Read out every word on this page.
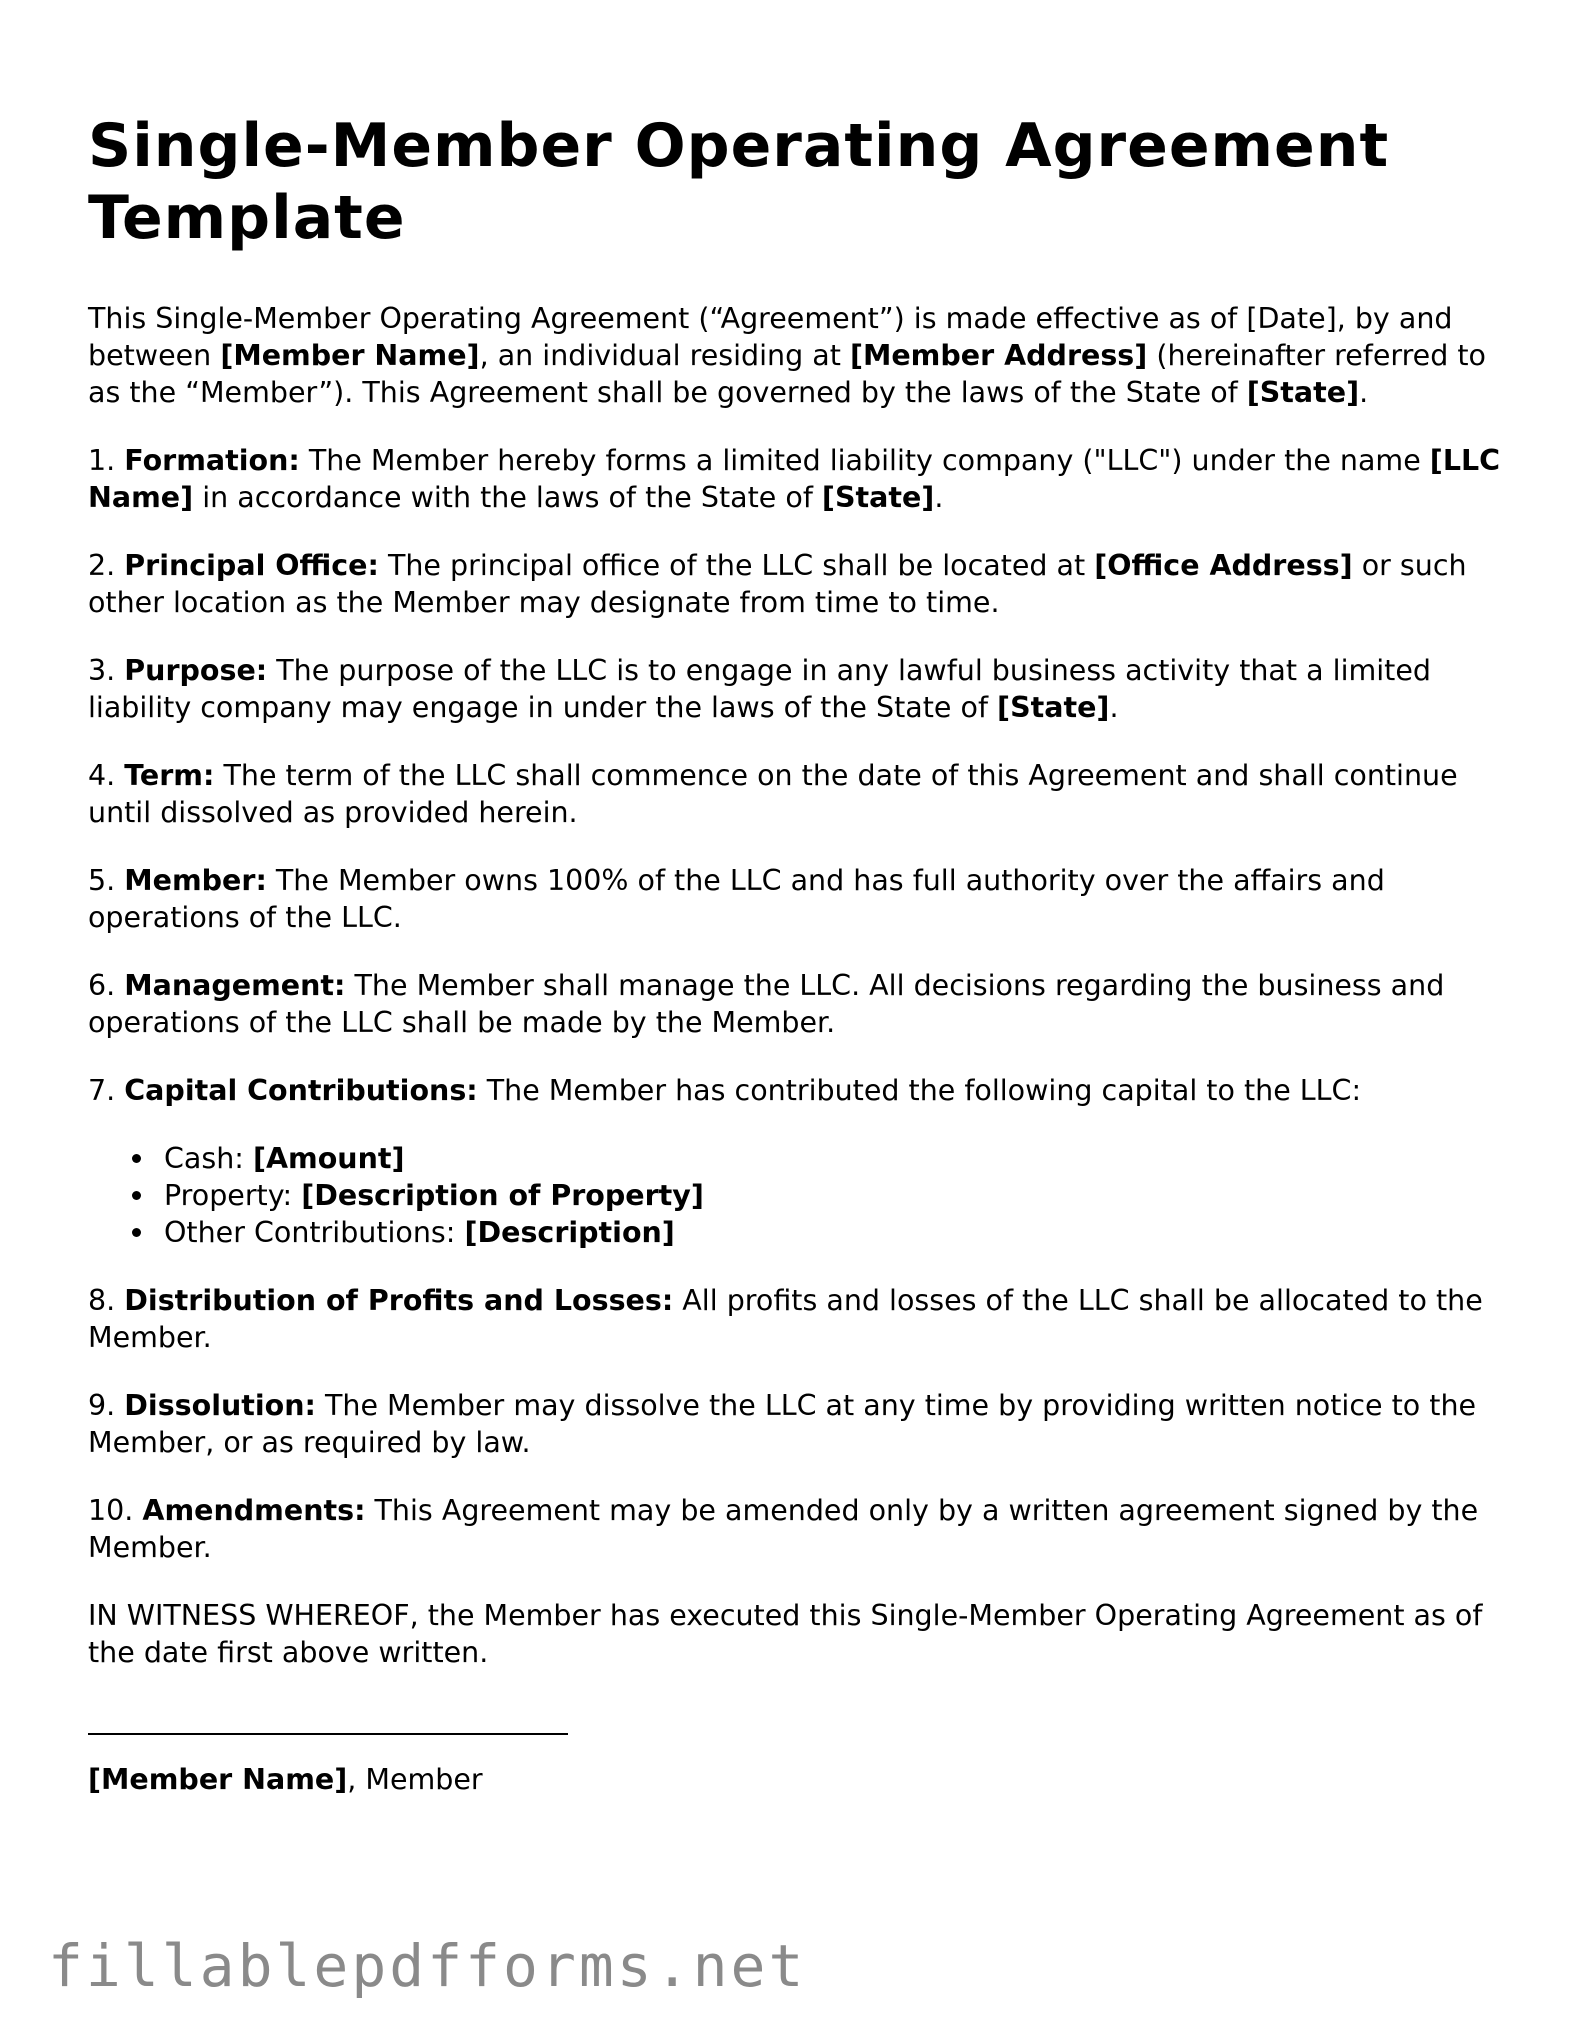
Single-Member Operating Agreement Template

This Single-Member Operating Agreement (“Agreement”) is made effective as of [Date], by and between [Member Name], an individual residing at [Member Address] (hereinafter referred to as the “Member”). This Agreement shall be governed by the laws of the State of [State].

1. Formation: The Member hereby forms a limited liability company ("LLC") under the name [LLC Name] in accordance with the laws of the State of [State].

2. Principal Office: The principal office of the LLC shall be located at [Office Address] or such other location as the Member may designate from time to time.

3. Purpose: The purpose of the LLC is to engage in any lawful business activity that a limited liability company may engage in under the laws of the State of [State].

4. Term: The term of the LLC shall commence on the date of this Agreement and shall continue until dissolved as provided herein.

5. Member: The Member owns 100% of the LLC and has full authority over the affairs and operations of the LLC.

6. Management: The Member shall manage the LLC. All decisions regarding the business and operations of the LLC shall be made by the Member.

7. Capital Contributions: The Member has contributed the following capital to the LLC:

Cash: [Amount]
Property: [Description of Property]
Other Contributions: [Description]

8. Distribution of Profits and Losses: All profits and losses of the LLC shall be allocated to the Member.

9. Dissolution: The Member may dissolve the LLC at any time by providing written notice to the Member, or as required by law.

10. Amendments: This Agreement may be amended only by a written agreement signed by the Member.

IN WITNESS WHEREOF, the Member has executed this Single-Member Operating Agreement as of the date first above written.

[Member Name], Member

fillablepdfforms.net
